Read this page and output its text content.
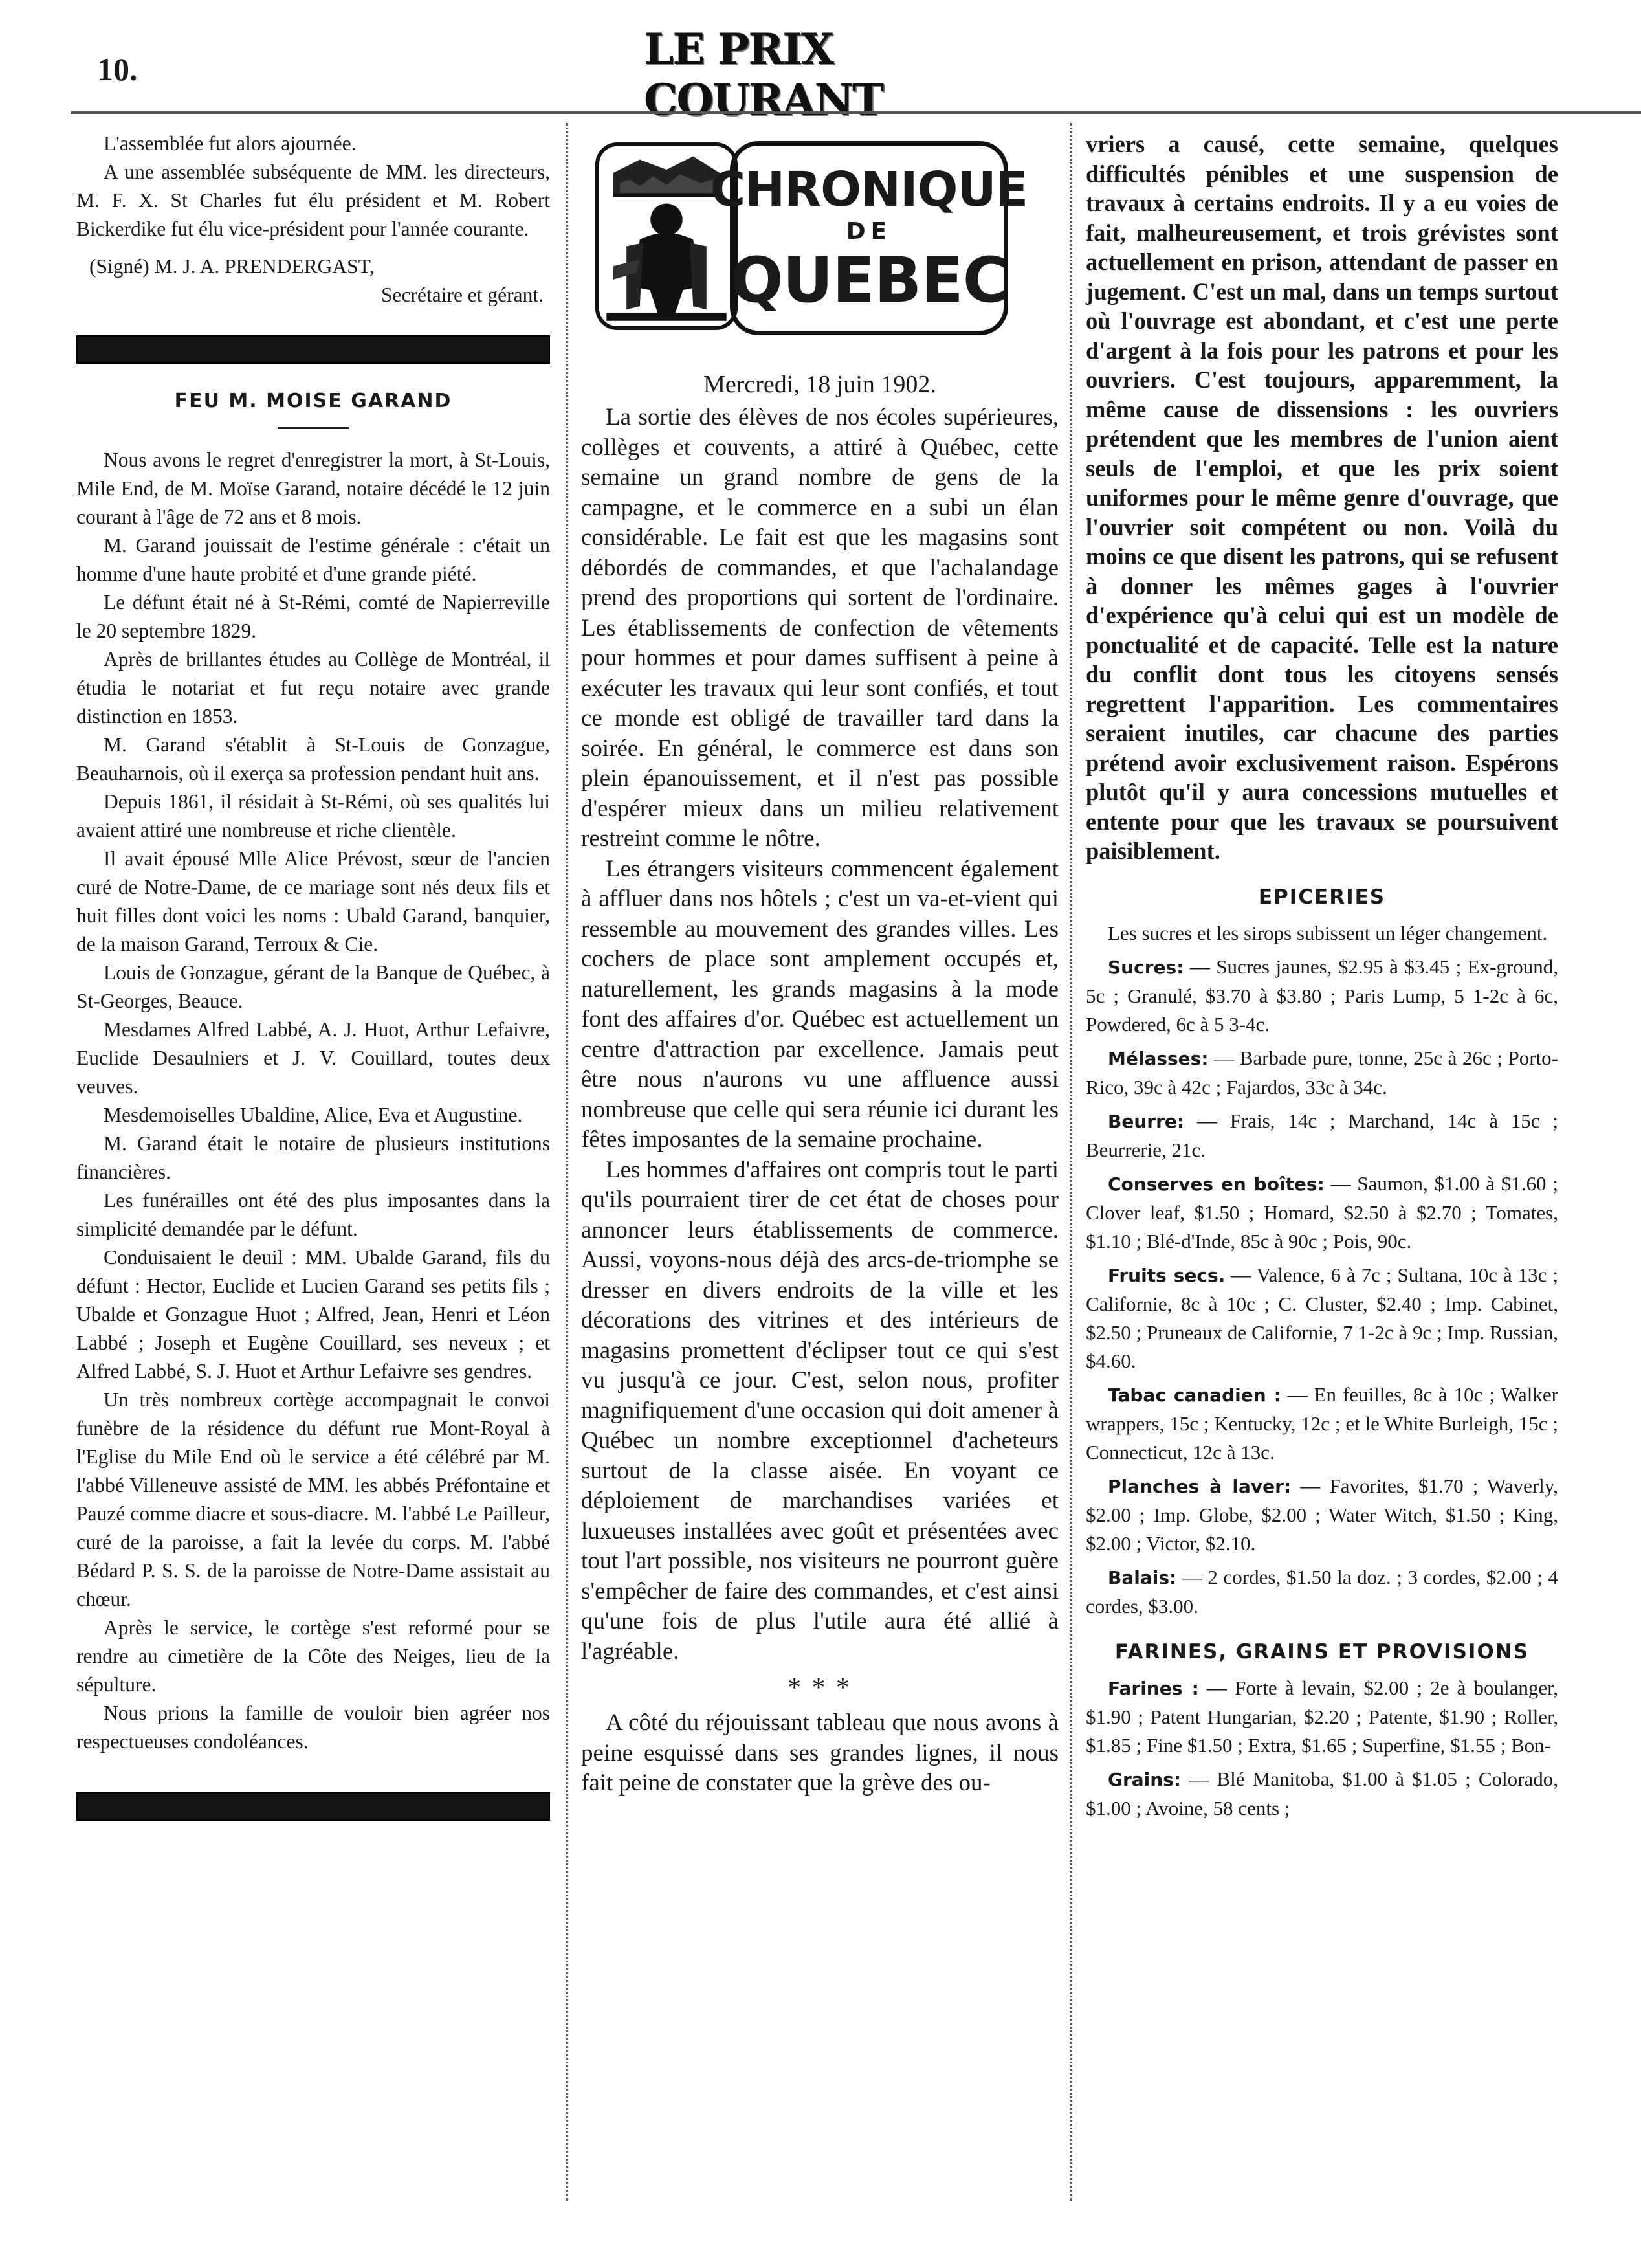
10.	LE PRIX COURANT

L'assemblée fut alors ajournée.

A une assemblée subséquente de MM. les directeurs, M. F. X. St Charles fut élu président et M. Robert Bickerdike fut élu vice-président pour l'année courante.

(Signé) M. J. A. PRENDERGAST,
Secrétaire et gérant.
FEU M. MOISE GARAND

Nous avons le regret d'enregistrer la mort, à St-Louis, Mile End, de M. Moïse Garand, notaire décédé le 12 juin courant à l'âge de 72 ans et 8 mois.

M. Garand jouissait de l'estime générale : c'était un homme d'une haute probité et d'une grande piété.

Le défunt était né à St-Rémi, comté de Napierreville le 20 septembre 1829.

Après de brillantes études au Collège de Montréal, il étudia le notariat et fut reçu notaire avec grande distinction en 1853.

M. Garand s'établit à St-Louis de Gonzague, Beauharnois, où il exerça sa profession pendant huit ans.

Depuis 1861, il résidait à St-Rémi, où ses qualités lui avaient attiré une nombreuse et riche clientèle.

Il avait épousé Mlle Alice Prévost, sœur de l'ancien curé de Notre-Dame, de ce mariage sont nés deux fils et huit filles dont voici les noms : Ubald Garand, banquier, de la maison Garand, Terroux & Cie.

Louis de Gonzague, gérant de la Banque de Québec, à St-Georges, Beauce.

Mesdames Alfred Labbé, A. J. Huot, Arthur Lefaivre, Euclide Desaulniers et J. V. Couillard, toutes deux veuves.

Mesdemoiselles Ubaldine, Alice, Eva et Augustine.

M. Garand était le notaire de plusieurs institutions financières.

Les funérailles ont été des plus imposantes dans la simplicité demandée par le défunt.

Conduisaient le deuil : MM. Ubalde Garand, fils du défunt : Hector, Euclide et Lucien Garand ses petits fils ; Ubalde et Gonzague Huot ; Alfred, Jean, Henri et Léon Labbé ; Joseph et Eugène Couillard, ses neveux ; et Alfred Labbé, S. J. Huot et Arthur Lefaivre ses gendres.

Un très nombreux cortège accompagnait le convoi funèbre de la résidence du défunt rue Mont-Royal à l'Eglise du Mile End où le service a été célébré par M. l'abbé Villeneuve assisté de MM. les abbés Préfontaine et Pauzé comme diacre et sous-diacre. M. l'abbé Le Pailleur, curé de la paroisse, a fait la levée du corps. M. l'abbé Bédard P. S. S. de la paroisse de Notre-Dame assistait au chœur.

Après le service, le cortège s'est reformé pour se rendre au cimetière de la Côte des Neiges, lieu de la sépulture.

Nous prions la famille de vouloir bien agréer nos respectueuses condoléances.

CHRONIQUE
DE
QUEBEC

Mercredi, 18 juin 1902.

La sortie des élèves de nos écoles supérieures, collèges et couvents, a attiré à Québec, cette semaine un grand nombre de gens de la campagne, et le commerce en a subi un élan considérable. Le fait est que les magasins sont débordés de commandes, et que l'achalandage prend des proportions qui sortent de l'ordinaire. Les établissements de confection de vêtements pour hommes et pour dames suffisent à peine à exécuter les travaux qui leur sont confiés, et tout ce monde est obligé de travailler tard dans la soirée. En général, le commerce est dans son plein épanouissement, et il n'est pas possible d'espérer mieux dans un milieu relativement restreint comme le nôtre.

Les étrangers visiteurs commencent également à affluer dans nos hôtels ; c'est un va-et-vient qui ressemble au mouvement des grandes villes. Les cochers de place sont amplement occupés et, naturellement, les grands magasins à la mode font des affaires d'or. Québec est actuellement un centre d'attraction par excellence. Jamais peut être nous n'aurons vu une affluence aussi nombreuse que celle qui sera réunie ici durant les fêtes imposantes de la semaine prochaine.

Les hommes d'affaires ont compris tout le parti qu'ils pourraient tirer de cet état de choses pour annoncer leurs établissements de commerce. Aussi, voyons-nous déjà des arcs-de-triomphe se dresser en divers endroits de la ville et les décorations des vitrines et des intérieurs de magasins promettent d'éclipser tout ce qui s'est vu jusqu'à ce jour. C'est, selon nous, profiter magnifiquement d'une occasion qui doit amener à Québec un nombre exceptionnel d'acheteurs surtout de la classe aisée. En voyant ce déploiement de marchandises variées et luxueuses installées avec goût et présentées avec tout l'art possible, nos visiteurs ne pourront guère s'empêcher de faire des commandes, et c'est ainsi qu'une fois de plus l'utile aura été allié à l'agréable.

* * *

A côté du réjouissant tableau que nous avons à peine esquissé dans ses grandes lignes, il nous fait peine de constater que la grève des ou-

vriers a causé, cette semaine, quelques difficultés pénibles et une suspension de travaux à certains endroits. Il y a eu voies de fait, malheureusement, et trois grévistes sont actuellement en prison, attendant de passer en jugement. C'est un mal, dans un temps surtout où l'ouvrage est abondant, et c'est une perte d'argent à la fois pour les patrons et pour les ouvriers. C'est toujours, apparemment, la même cause de dissensions : les ouvriers prétendent que les membres de l'union aient seuls de l'emploi, et que les prix soient uniformes pour le même genre d'ouvrage, que l'ouvrier soit compétent ou non. Voilà du moins ce que disent les patrons, qui se refusent à donner les mêmes gages à l'ouvrier d'expérience qu'à celui qui est un modèle de ponctualité et de capacité. Telle est la nature du conflit dont tous les citoyens sensés regrettent l'apparition. Les commentaires seraient inutiles, car chacune des parties prétend avoir exclusivement raison. Espérons plutôt qu'il y aura concessions mutuelles et entente pour que les travaux se poursuivent paisiblement.

EPICERIES

Les sucres et les sirops subissent un léger changement.

Sucres: — Sucres jaunes, $2.95 à $3.45 ; Ex-ground, 5c ; Granulé, $3.70 à $3.80 ; Paris Lump, 5 1-2c à 6c, Powdered, 6c à 5 3-4c.

Mélasses: — Barbade pure, tonne, 25c à 26c ; Porto-Rico, 39c à 42c ; Fajardos, 33c à 34c.

Beurre: — Frais, 14c ; Marchand, 14c à 15c ; Beurrerie, 21c.

Conserves en boîtes: — Saumon, $1.00 à $1.60 ; Clover leaf, $1.50 ; Homard, $2.50 à $2.70 ; Tomates, $1.10 ; Blé-d'Inde, 85c à 90c ; Pois, 90c.

Fruits secs. — Valence, 6 à 7c ; Sultana, 10c à 13c ; Californie, 8c à 10c ; C. Cluster, $2.40 ; Imp. Cabinet, $2.50 ; Pruneaux de Californie, 7 1-2c à 9c ; Imp. Russian, $4.60.

Tabac canadien : — En feuilles, 8c à 10c ; Walker wrappers, 15c ; Kentucky, 12c ; et le White Burleigh, 15c ; Connecticut, 12c à 13c.

Planches à laver: — Favorites, $1.70 ; Waverly, $2.00 ; Imp. Globe, $2.00 ; Water Witch, $1.50 ; King, $2.00 ; Victor, $2.10.

Balais: — 2 cordes, $1.50 la doz. ; 3 cordes, $2.00 ; 4 cordes, $3.00.

FARINES, GRAINS ET PROVISIONS

Farines : — Forte à levain, $2.00 ; 2e à boulanger, $1.90 ; Patent Hungarian, $2.20 ; Patente, $1.90 ; Roller, $1.85 ; Fine $1.50 ; Extra, $1.65 ; Superfine, $1.55 ; Bon-

Grains: — Blé Manitoba, $1.00 à $1.05 ; Colorado, $1.00 ; Avoine, 58 cents ;
